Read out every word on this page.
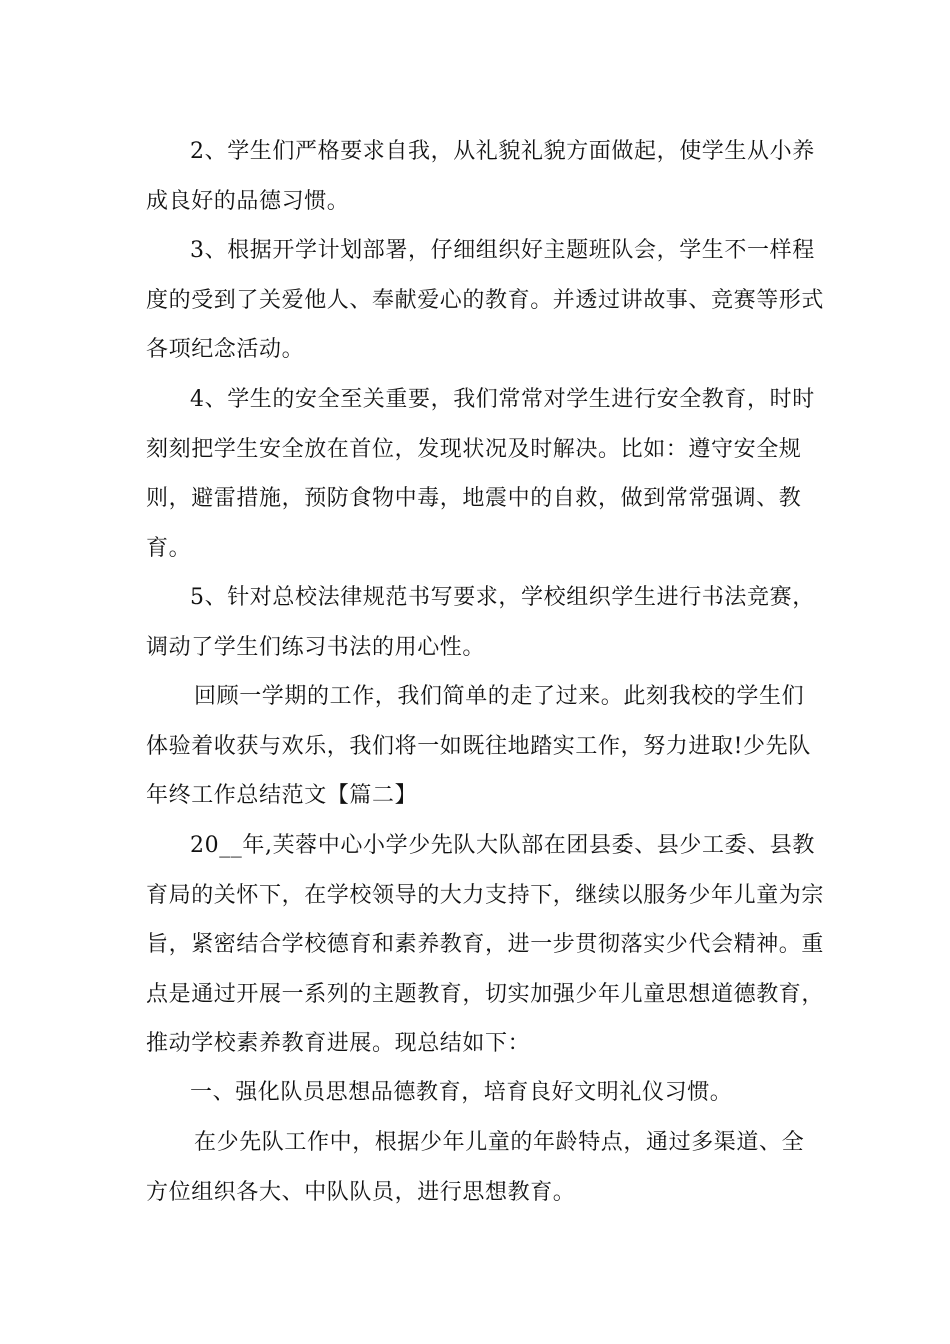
2、学生们严格要求自我，从礼貌礼貌方面做起，使学生从小养成良好的品德习惯。

3、根据开学计划部署，仔细组织好主题班队会，学生不一样程度的受到了关爱他人、奉献爱心的教育。并透过讲故事、竞赛等形式各项纪念活动。

4、学生的安全至关重要，我们常常对学生进行安全教育，时时刻刻把学生安全放在首位，发现状况及时解决。比如：遵守安全规则，避雷措施，预防食物中毒，地震中的自救，做到常常强调、教育。

5、针对总校法律规范书写要求，学校组织学生进行书法竞赛，调动了学生们练习书法的用心性。

回顾一学期的工作，我们简单的走了过来。此刻我校的学生们体验着收获与欢乐，我们将一如既往地踏实工作，努力进取!少先队年终工作总结范文【篇二】

20__年,芙蓉中心小学少先队大队部在团县委、县少工委、县教育局的关怀下，在学校领导的大力支持下，继续以服务少年儿童为宗旨，紧密结合学校德育和素养教育，进一步贯彻落实少代会精神。重点是通过开展一系列的主题教育，切实加强少年儿童思想道德教育，推动学校素养教育进展。现总结如下：

一、强化队员思想品德教育，培育良好文明礼仪习惯。

在少先队工作中，根据少年儿童的年龄特点，通过多渠道、全方位组织各大、中队队员，进行思想教育。
